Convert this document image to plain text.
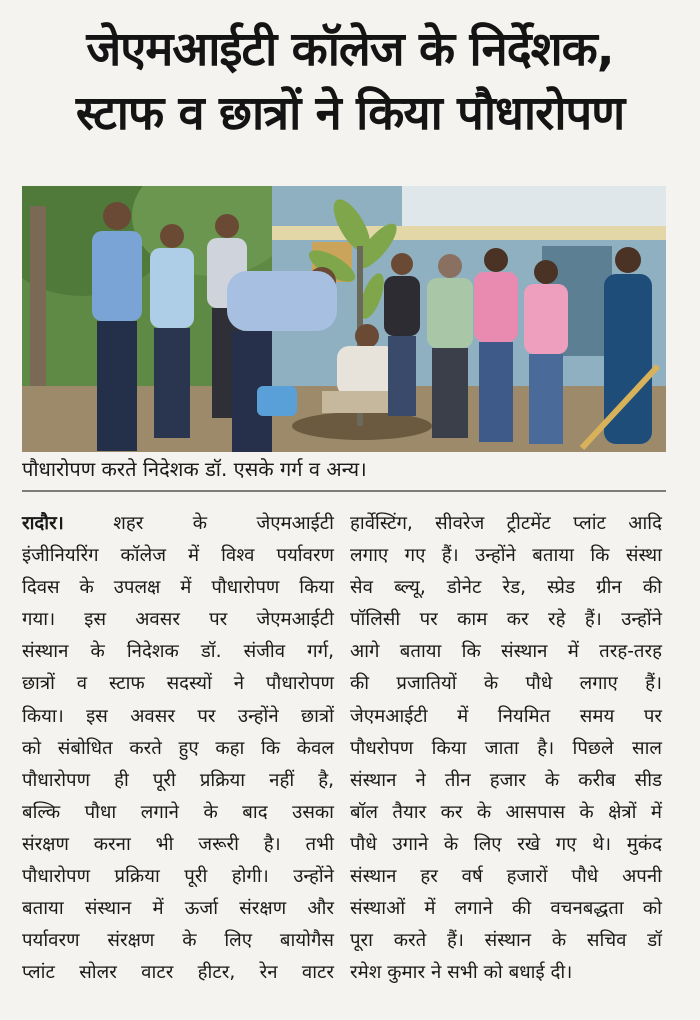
जेएमआईटी कॉलेज के निर्देशक,
स्टाफ व छात्रों ने किया पौधारोपण
पौधारोपण करते निदेशक डॉ. एसके गर्ग व अन्य।
रादौर। शहर के जेएमआईटी
इंजीनियरिंग कॉलेज में विश्व पर्यावरण
दिवस के उपलक्ष में पौधारोपण किया
गया। इस अवसर पर जेएमआईटी
संस्थान के निदेशक डॉ. संजीव गर्ग,
छात्रों व स्टाफ सदस्यों ने पौधारोपण
किया। इस अवसर पर उन्होंने छात्रों
को संबोधित करते हुए कहा कि केवल
पौधारोपण ही पूरी प्रक्रिया नहीं है,
बल्कि पौधा लगाने के बाद उसका
संरक्षण करना भी जरूरी है। तभी
पौधारोपण प्रक्रिया पूरी होगी। उन्होंने
बताया संस्थान में ऊर्जा संरक्षण और
पर्यावरण संरक्षण के लिए बायोगैस
प्लांट सोलर वाटर हीटर, रेन वाटर
हार्वेस्टिंग, सीवरेज ट्रीटमेंट प्लांट आदि
लगाए गए हैं। उन्होंने बताया कि संस्था
सेव ब्ल्यू, डोनेट रेड, स्प्रेड ग्रीन की
पॉलिसी पर काम कर रहे हैं। उन्होंने
आगे बताया कि संस्थान में तरह-तरह
की प्रजातियों के पौधे लगाए हैं।
जेएमआईटी में नियमित समय पर
पौधरोपण किया जाता है। पिछले साल
संस्थान ने तीन हजार के करीब सीड
बॉल तैयार कर के आसपास के क्षेत्रों में
पौधे उगाने के लिए रखे गए थे। मुकंद
संस्थान हर वर्ष हजारों पौधे अपनी
संस्थाओं में लगाने की वचनबद्धता को
पूरा करते हैं। संस्थान के सचिव डॉ
रमेश कुमार ने सभी को बधाई दी।
